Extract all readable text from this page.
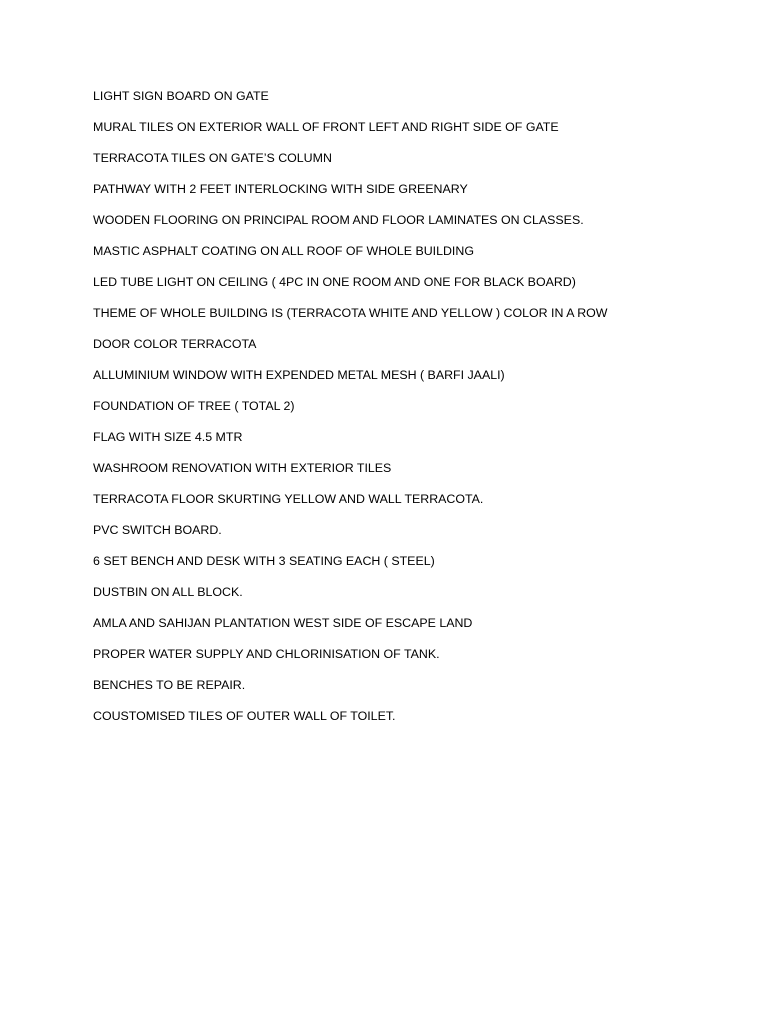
LIGHT SIGN BOARD ON GATE
MURAL TILES ON EXTERIOR WALL OF FRONT LEFT AND RIGHT SIDE OF GATE
TERRACOTA TILES ON GATE’S COLUMN
PATHWAY WITH 2 FEET INTERLOCKING WITH SIDE GREENARY
WOODEN FLOORING ON PRINCIPAL ROOM AND FLOOR LAMINATES ON CLASSES.
MASTIC ASPHALT COATING ON ALL ROOF OF WHOLE BUILDING
LED TUBE LIGHT ON CEILING ( 4PC IN ONE ROOM AND ONE FOR BLACK BOARD)
THEME OF WHOLE BUILDING IS (TERRACOTA WHITE AND YELLOW ) COLOR IN A ROW
DOOR COLOR TERRACOTA
ALLUMINIUM WINDOW WITH EXPENDED METAL MESH ( BARFI JAALI)
FOUNDATION OF TREE ( TOTAL 2)
FLAG WITH SIZE 4.5 MTR
WASHROOM RENOVATION WITH EXTERIOR TILES
TERRACOTA FLOOR SKURTING YELLOW AND WALL TERRACOTA.
PVC SWITCH BOARD.
6 SET BENCH AND DESK WITH 3 SEATING EACH ( STEEL)
DUSTBIN ON ALL BLOCK.
AMLA AND SAHIJAN PLANTATION WEST SIDE OF ESCAPE LAND
PROPER WATER SUPPLY AND CHLORINISATION OF TANK.
BENCHES TO BE REPAIR.
COUSTOMISED TILES OF OUTER WALL OF TOILET.
